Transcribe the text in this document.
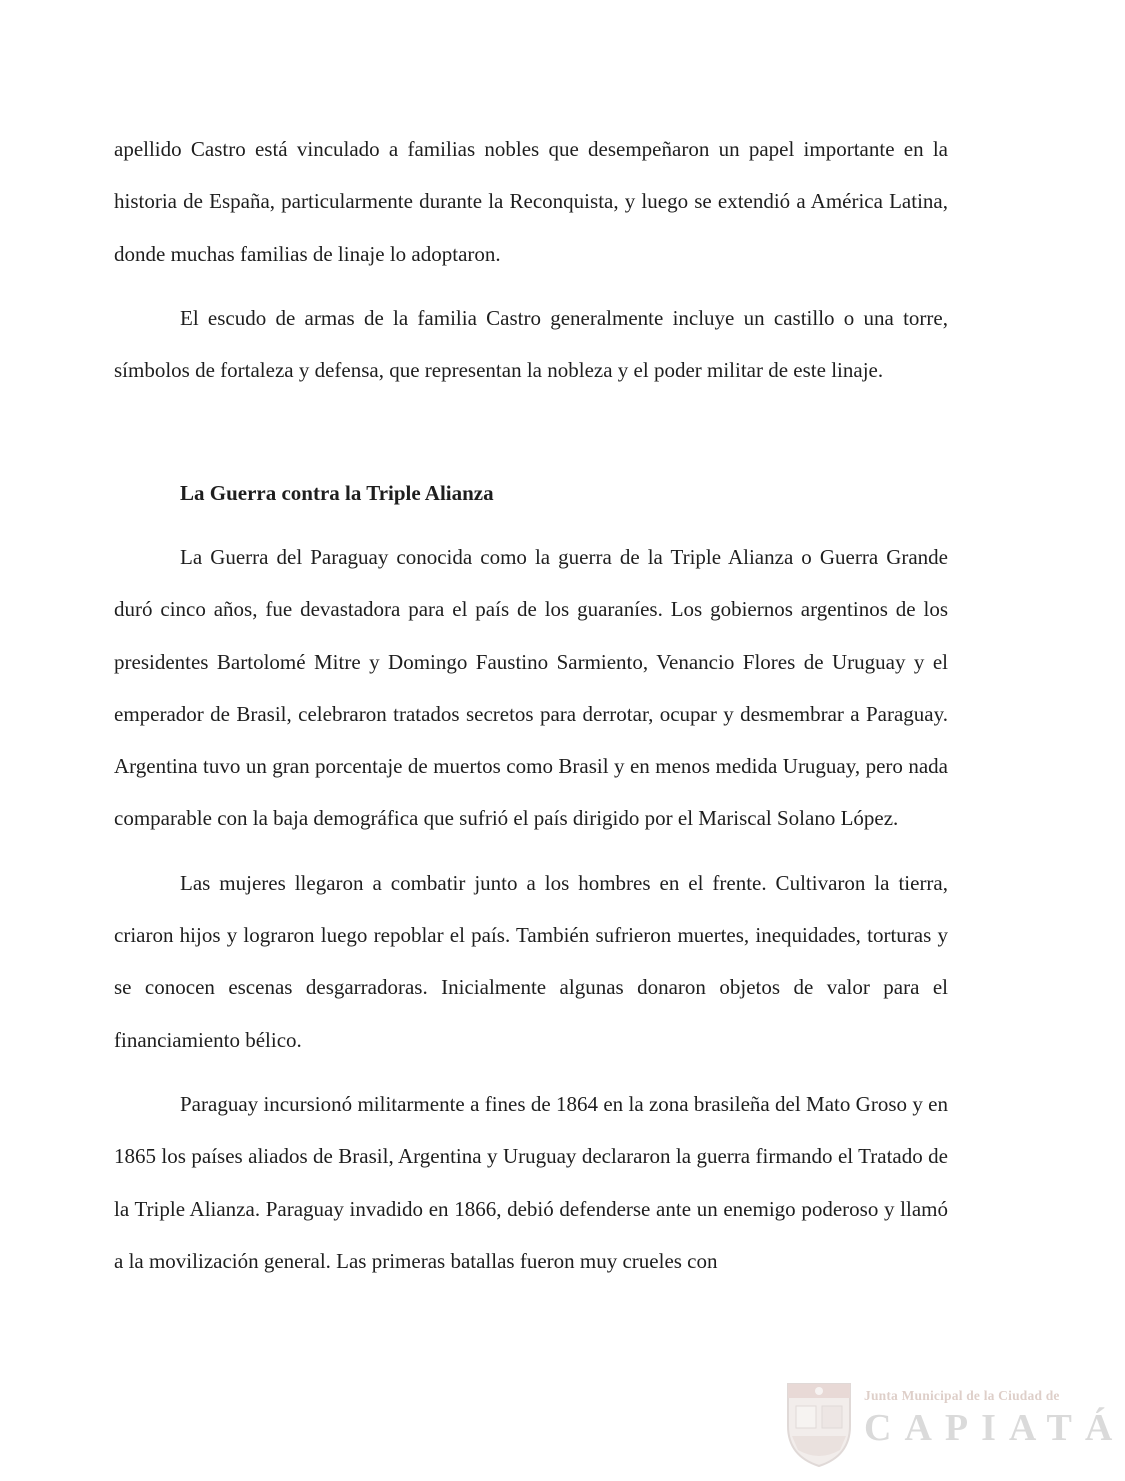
apellido Castro está vinculado a familias nobles que desempeñaron un papel importante en la historia de España, particularmente durante la Reconquista, y luego se extendió a América Latina, donde muchas familias de linaje lo adoptaron.

El escudo de armas de la familia Castro generalmente incluye un castillo o una torre, símbolos de fortaleza y defensa, que representan la nobleza y el poder militar de este linaje.

La Guerra contra la Triple Alianza

La Guerra del Paraguay conocida como la guerra de la Triple Alianza o Guerra Grande duró cinco años, fue devastadora para el país de los guaraníes. Los gobiernos argentinos de los presidentes Bartolomé Mitre y Domingo Faustino Sarmiento, Venancio Flores de Uruguay y el emperador de Brasil, celebraron tratados secretos para derrotar, ocupar y desmembrar a Paraguay. Argentina tuvo un gran porcentaje de muertos como Brasil y en menos medida Uruguay, pero nada comparable con la baja demográfica que sufrió el país dirigido por el Mariscal Solano López.

Las mujeres llegaron a combatir junto a los hombres en el frente. Cultivaron la tierra, criaron hijos y lograron luego repoblar el país. También sufrieron muertes, inequidades, torturas y se conocen escenas desgarradoras. Inicialmente algunas donaron objetos de valor para el financiamiento bélico.

Paraguay incursionó militarmente a fines de 1864 en la zona brasileña del Mato Groso y en 1865 los países aliados de Brasil, Argentina y Uruguay declararon la guerra firmando el Tratado de la Triple Alianza. Paraguay invadido en 1866, debió defenderse ante un enemigo poderoso y llamó a la movilización general. Las primeras batallas fueron muy crueles con

Junta Municipal de la Ciudad de
CAPIATÁ
